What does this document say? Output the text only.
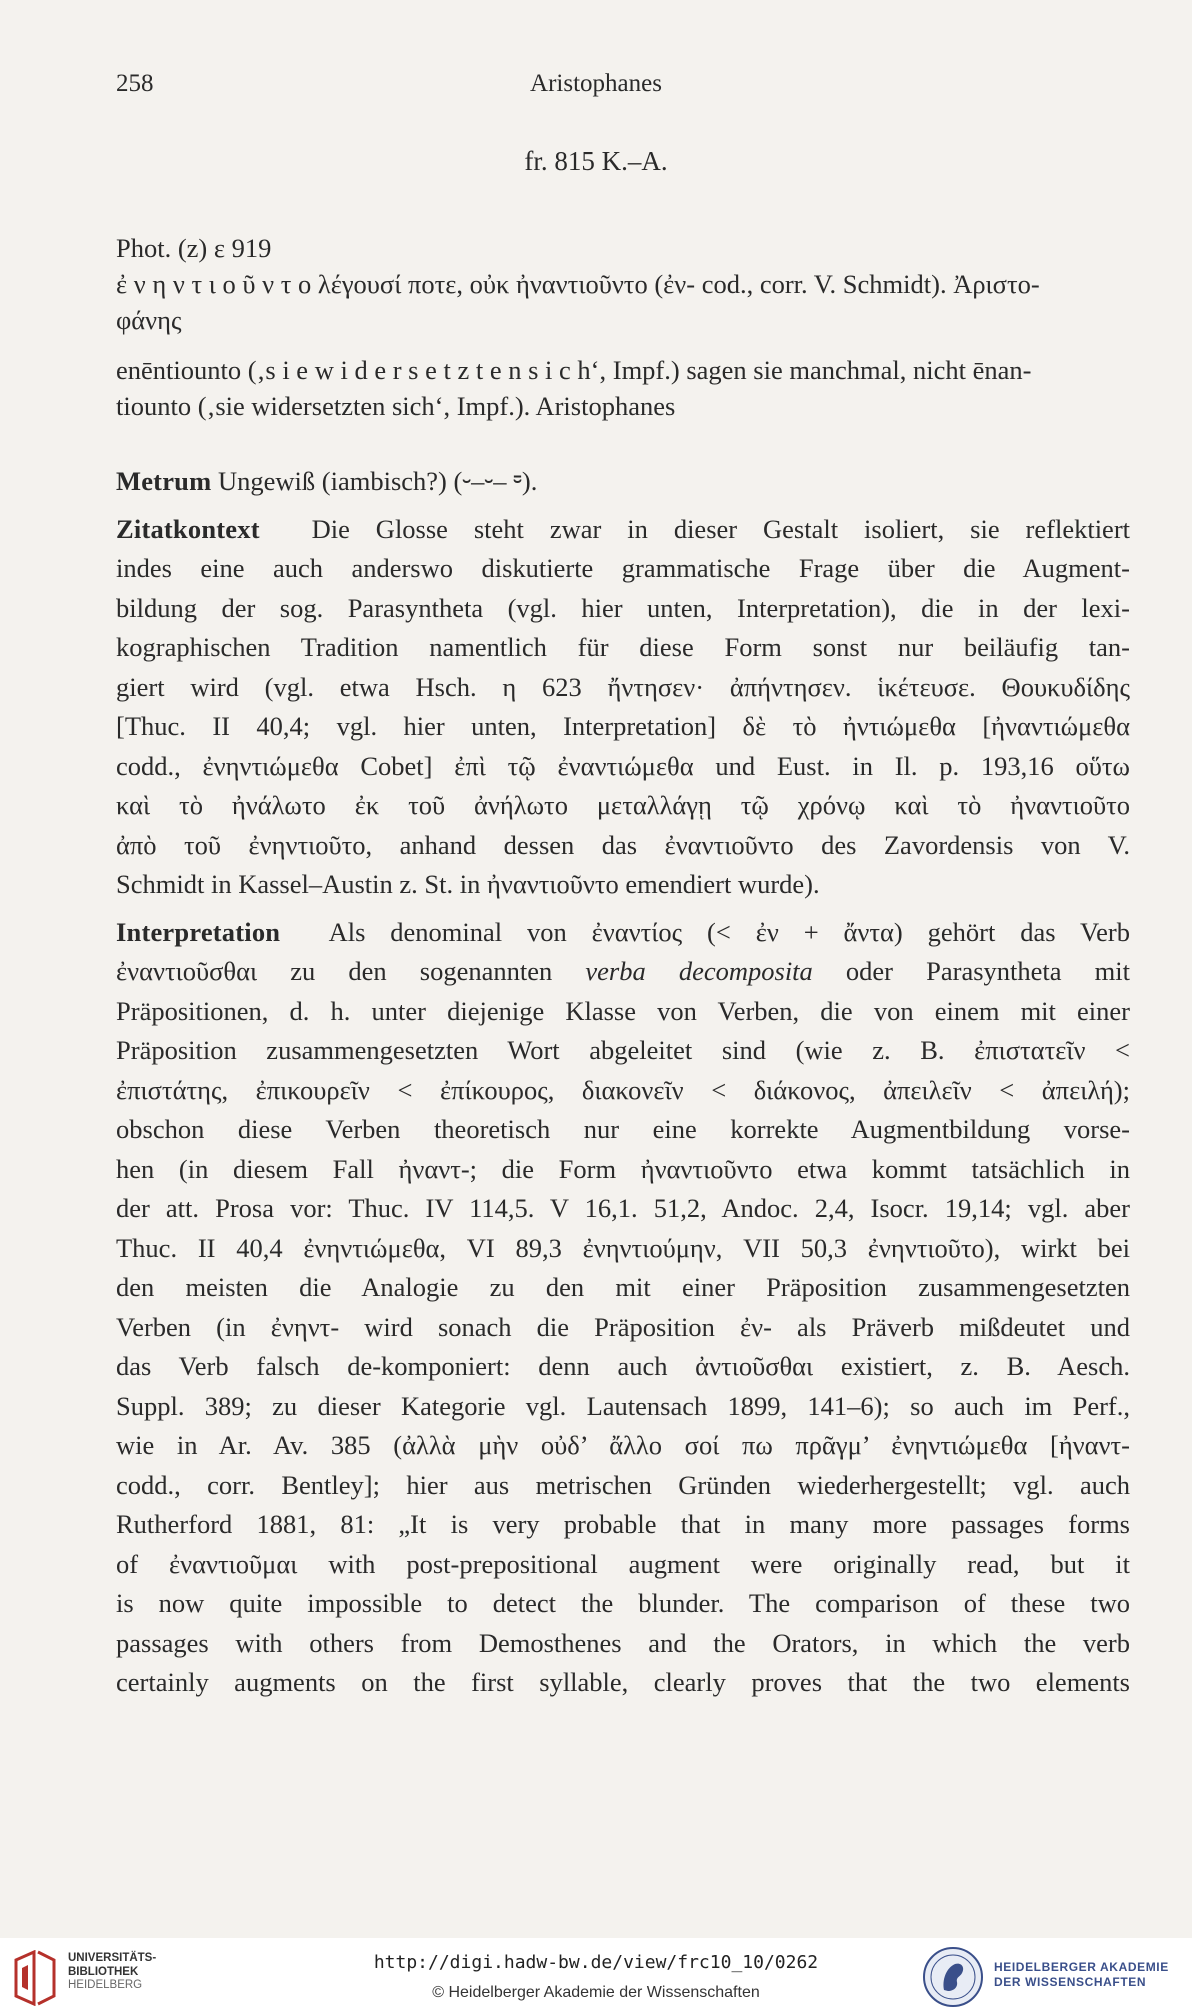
258	Aristophanes
fr. 815 K.–A.
Phot. (z) ε 919
ἐ ν η ν τ ι ο ῦ ν τ ο λέγουσί ποτε, οὐκ ἠναντιοῦντο (ἐν- cod., corr. V. Schmidt). Ἀριστο-
φάνης
enēntiounto (‚s i e w i d e r s e t z t e n s i c h‘, Impf.) sagen sie manchmal, nicht ēnan-
tiounto (‚sie widersetzten sich‘, Impf.). Aristophanes
Metrum Ungewiß (iambisch?) (⏑–⏑– ⏒).
Zitatkontext Die Glosse steht zwar in dieser Gestalt isoliert, sie reflektiert
indes eine auch anderswo diskutierte grammatische Frage über die Augment-
bildung der sog. Parasyntheta (vgl. hier unten, Interpretation), die in der lexi-
kographischen Tradition namentlich für diese Form sonst nur beiläufig tan-
giert wird (vgl. etwa Hsch. η 623 ἤντησεν· ἀπήντησεν. ἱκέτευσε. Θουκυδίδης
[Thuc. II 40,4; vgl. hier unten, Interpretation] δὲ τὸ ἠντιώμεθα [ἠναντιώμεθα
codd., ἐνηντιώμεθα Cobet] ἐπὶ τῷ ἐναντιώμεθα und Eust. in Il. p. 193,16 οὕτω
καὶ τὸ ἠνάλωτο ἐκ τοῦ ἀνήλωτο μεταλλάγῃ τῷ χρόνῳ καὶ τὸ ἠναντιοῦτο
ἀπὸ τοῦ ἐνηντιοῦτο, anhand dessen das ἐναντιοῦντο des Zavordensis von V.
Schmidt in Kassel–Austin z. St. in ἠναντιοῦντο emendiert wurde).
Interpretation Als denominal von ἐναντίος (< ἐν + ἄντα) gehört das Verb
ἐναντιοῦσθαι zu den sogenannten verba decomposita oder Parasyntheta mit
Präpositionen, d. h. unter diejenige Klasse von Verben, die von einem mit einer
Präposition zusammengesetzten Wort abgeleitet sind (wie z. B. ἐπιστατεῖν <
ἐπιστάτης, ἐπικουρεῖν < ἐπίκουρος, διακονεῖν < διάκονος, ἀπειλεῖν < ἀπειλή);
obschon diese Verben theoretisch nur eine korrekte Augmentbildung vorse-
hen (in diesem Fall ἠναντ-; die Form ἠναντιοῦντο etwa kommt tatsächlich in
der att. Prosa vor: Thuc. IV 114,5. V 16,1. 51,2, Andoc. 2,4, Isocr. 19,14; vgl. aber
Thuc. II 40,4 ἐνηντιώμεθα, VI 89,3 ἐνηντιούμην, VII 50,3 ἐνηντιοῦτο), wirkt bei
den meisten die Analogie zu den mit einer Präposition zusammengesetzten
Verben (in ἐνηντ- wird sonach die Präposition ἐν- als Präverb mißdeutet und
das Verb falsch de-komponiert: denn auch ἀντιοῦσθαι existiert, z. B. Aesch.
Suppl. 389; zu dieser Kategorie vgl. Lautensach 1899, 141–6); so auch im Perf.,
wie in Ar. Av. 385 (ἀλλὰ μὴν οὐδ’ ἄλλο σοί πω πρᾶγμ’ ἐνηντιώμεθα [ἠναντ-
codd., corr. Bentley]; hier aus metrischen Gründen wiederhergestellt; vgl. auch
Rutherford 1881, 81: „It is very probable that in many more passages forms
of ἐναντιοῦμαι with post-prepositional augment were originally read, but it
is now quite impossible to detect the blunder. The comparison of these two
passages with others from Demosthenes and the Orators, in which the verb
certainly augments on the first syllable, clearly proves that the two elements
UNIVERSITÄTS-
BIBLIOTHEK
HEIDELBERG
http://digi.hadw-bw.de/view/frc10_10/0262
© Heidelberger Akademie der Wissenschaften
HEIDELBERGER AKADEMIE
DER WISSENSCHAFTEN
